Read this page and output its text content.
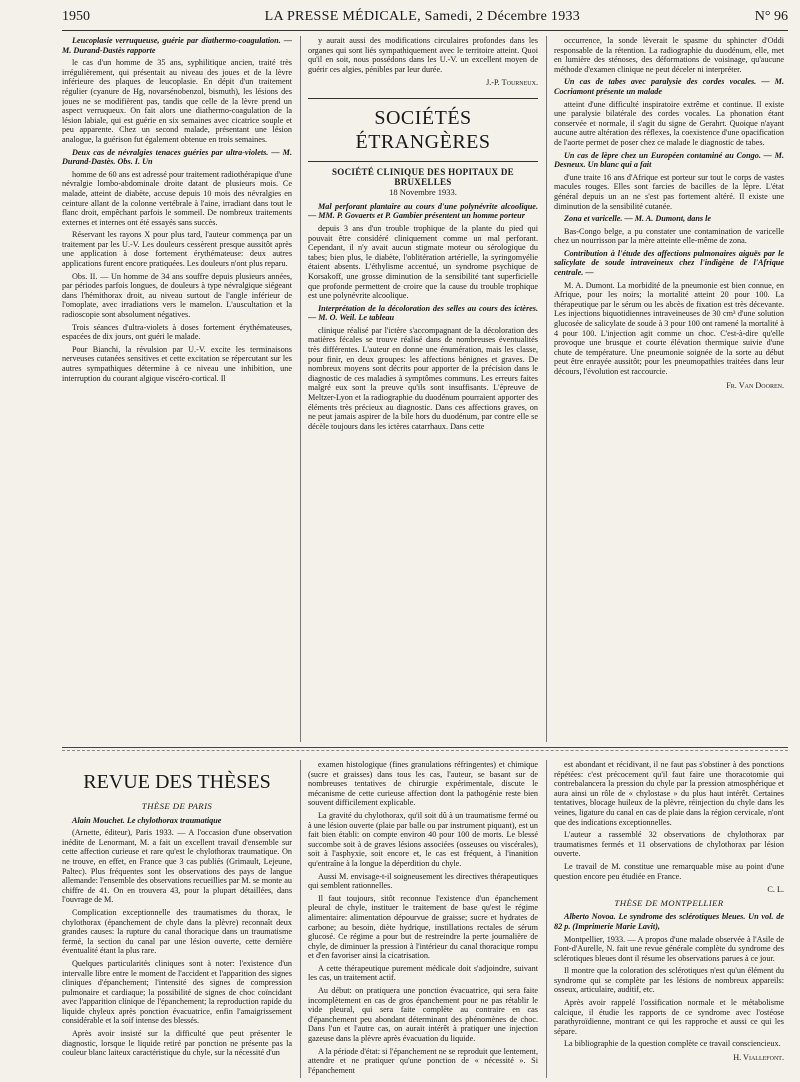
1950	LA PRESSE MÉDICALE, Samedi, 2 Décembre 1933	N° 96

Leucoplasie verruqueuse, guérie par diathermo-coagulation. — M. Durand-Dastès rapporte

le cas d'un homme de 35 ans, syphilitique ancien, traité très irrégulièrement, qui présentait au niveau des joues et de la lèvre inférieure des plaques de leucoplasie. En dépit d'un traitement régulier (cyanure de Hg, novarsénobenzol, bismuth), les lésions des joues ne se modifièrent pas, tandis que celle de la lèvre prend un aspect verruqueux. On fait alors une diathermo-coagulation de la lésion labiale, qui est guérie en six semaines avec cicatrice souple et peu apparente. Chez un second malade, présentant une lésion analogue, la guérison fut également obtenue en trois semaines.

Deux cas de névralgies tenaces guéries par ultra-violets. — M. Durand-Dastès. Obs. I. Un

homme de 60 ans est adressé pour traitement radiothérapique d'une névralgie lombo-abdominale droite datant de plusieurs mois. Ce malade, atteint de diabète, accuse depuis 10 mois des névralgies en ceinture allant de la colonne vertébrale à l'aine, irradiant dans tout le flanc droit, empêchant parfois le sommeil. De nombreux traitements externes et internes ont été essayés sans succès.

Réservant les rayons X pour plus tard, l'auteur commença par un traitement par les U.-V. Les douleurs cessèrent presque aussitôt après une application à dose fortement érythémateuse: deux autres applications furent encore pratiquées. Les douleurs n'ont plus reparu.

Obs. II. — Un homme de 34 ans souffre depuis plusieurs années, par périodes parfois longues, de douleurs à type névralgique siégeant dans l'hémithorax droit, au niveau surtout de l'angle inférieur de l'omoplate, avec irradiations vers le mamelon. L'auscultation et la radioscopie sont absolument négatives.

Trois séances d'ultra-violets à doses fortement érythémateuses, espacées de dix jours, ont guéri le malade.

Pour Bianchi, la révulsion par U.-V. excite les terminaisons nerveuses cutanées sensitives et cette excitation se répercutant sur les autres sympathiques détermine à ce niveau une inhibition, une interruption du courant algique viscéro-cortical. Il

y aurait aussi des modifications circulaires profondes dans les organes qui sont liés sympathiquement avec le territoire atteint. Quoi qu'il en soit, nous possédons dans les U.-V. un excellent moyen de guérir ces algies, pénibles par leur durée.

J.-P. Tourneux.

SOCIÉTÉS ÉTRANGÈRES
SOCIÉTÉ CLINIQUE DES HOPITAUX DE BRUXELLES
18 Novembre 1933.

Mal perforant plantaire au cours d'une polynévrite alcoolique. — MM. P. Govaerts et P. Gambier présentent un homme porteur

depuis 3 ans d'un trouble trophique de la plante du pied qui pouvait être considéré cliniquement comme un mal perforant. Cependant, il n'y avait aucun stigmate moteur ou sérologique du tabes; bien plus, le diabète, l'oblitération artérielle, la syringomyélie étaient absents. L'éthylisme accentué, un syndrome psychique de Korsakoff, une grosse diminution de la sensibilité tant superficielle que profonde permettent de croire que la cause du trouble trophique est une polynévrite alcoolique.

Interprétation de la décoloration des selles au cours des ictères. — M. O. Weil. Le tableau

clinique réalisé par l'ictère s'accompagnant de la décoloration des matières fécales se trouve réalisé dans de nombreuses éventualités très différentes. L'auteur en donne une énumération, mais les classe, pour finir, en deux groupes: les affections bénignes et graves. De nombreux moyens sont décrits pour apporter de la précision dans le diagnostic de ces maladies à symptômes communs. Les erreurs faites malgré eux sont la preuve qu'ils sont insuffisants. L'épreuve de Meltzer-Lyon et la radiographie du duodénum pourraient apporter des éléments très précieux au diagnostic. Dans ces affections graves, on ne peut jamais aspirer de la bile hors du duodénum, par contre elle se décèle toujours dans les ictères catarrhaux. Dans cette

occurrence, la sonde lèverait le spasme du sphincter d'Oddi responsable de la rétention. La radiographie du duodénum, elle, met en lumière des sténoses, des déformations de voisinage, qu'aucune méthode d'examen clinique ne peut déceler ni interpréter.

Un cas de tabes avec paralysie des cordes vocales. — M. Cocriamont présente un malade

atteint d'une difficulté inspiratoire extrême et continue. Il existe une paralysie bilatérale des cordes vocales. La phonation étant conservée et normale, il s'agit du signe de Gerahrt. Quoique n'ayant aucune autre altération des réflexes, la coexistence d'une opacification de l'aorte permet de poser chez ce malade le diagnostic de tabes.

Un cas de lèpre chez un Européen contaminé au Congo. — M. Desneux. Un blanc qui a fait

d'une traite 16 ans d'Afrique est porteur sur tout le corps de vastes macules rouges. Elles sont farcies de bacilles de la lèpre. L'état général depuis un an ne s'est pas fortement altéré. Il existe une diminution de la sensibilité cutanée.

Zona et varicelle. — M. A. Dumont, dans le

Bas-Congo belge, a pu constater une contamination de varicelle chez un nourrisson par la mère atteinte elle-même de zona.

Contribution à l'étude des affections pulmonaires aiguës par le salicylate de soude intraveineux chez l'indigène de l'Afrique centrale. —

M. A. Dumont. La morbidité de la pneumonie est bien connue, en Afrique, pour les noirs; la mortalité atteint 20 pour 100. La thérapeutique par le sérum ou les abcès de fixation est très décevante. Les injections biquotidiennes intraveineuses de 30 cm³ d'une solution glucosée de salicylate de soude à 3 pour 100 ont ramené la mortalité à 4 pour 100. L'injection agit comme un choc. C'est-à-dire qu'elle provoque une brusque et courte élévation thermique suivie d'une chute de température. Une pneumonie soignée de la sorte au début peut être enrayée aussitôt; pour les pneumopathies traitées dans leur décours, l'évolution est raccourcie.

Fr. Van Dooren.

REVUE DES THÈSES
THÈSE DE PARIS

Alain Mouchet. Le chylothorax traumatique

(Arnette, éditeur), Paris 1933. — A l'occasion d'une observation inédite de Lenormant, M. a fait un excellent travail d'ensemble sur cette affection curieuse et rare qu'est le chylothorax traumatique. On ne trouve, en effet, en France que 3 cas publiés (Grimault, Lejeune, Paltec). Plus fréquentes sont les observations des pays de langue allemande: l'ensemble des observations recueillies par M. se monte au chiffre de 41. On en trouvera 43, pour la plupart détaillées, dans l'ouvrage de M.

Complication exceptionnelle des traumatismes du thorax, le chylothorax (épanchement de chyle dans la plèvre) reconnaît deux grandes causes: la rupture du canal thoracique dans un traumatisme fermé, la section du canal par une lésion ouverte, cette dernière éventualité étant la plus rare.

Quelques particularités cliniques sont à noter: l'existence d'un intervalle libre entre le moment de l'accident et l'apparition des signes cliniques d'épanchement; l'intensité des signes de compression pulmonaire et cardiaque; la possibilité de signes de choc coïncidant avec l'apparition clinique de l'épanchement; la reproduction rapide du liquide chyleux après ponction évacuatrice, enfin l'amaigrissement considérable et la soif intense des blessés.

Après avoir insisté sur la difficulté que peut présenter le diagnostic, lorsque le liquide retiré par ponction ne présente pas la couleur blanc laiteux caractéristique du chyle, sur la nécessité d'un

examen histologique (fines granulations réfringentes) et chimique (sucre et graisses) dans tous les cas, l'auteur, se basant sur de nombreuses tentatives de chirurgie expérimentale, discute le mécanisme de cette curieuse affection dont la pathogénie reste bien souvent difficilement explicable.

La gravité du chylothorax, qu'il soit dû à un traumatisme fermé ou à une lésion ouverte (plaie par balle ou par instrument piquant), est un fait bien établi: on compte environ 40 pour 100 de morts. Le blessé succombe soit à de graves lésions associées (osseuses ou viscérales), soit à l'asphyxie, soit encore et, le cas est fréquent, à l'inanition qu'entraîne à la longue la déperdition du chyle.

Aussi M. envisage-t-il soigneusement les directives thérapeutiques qui semblent rationnelles.

Il faut toujours, sitôt reconnue l'existence d'un épanchement pleural de chyle, instituer le traitement de base qu'est le régime alimentaire: alimentation dépourvue de graisse; sucre et hydrates de carbone; au besoin, diète hydrique, instillations rectales de sérum glucosé. Ce régime a pour but de restreindre la perte journalière de chyle, de diminuer la pression à l'intérieur du canal thoracique rompu et d'en favoriser ainsi la cicatrisation.

A cette thérapeutique purement médicale doit s'adjoindre, suivant les cas, un traitement actif.

Au début: on pratiquera une ponction évacuatrice, qui sera faite incomplètement en cas de gros épanchement pour ne pas rétablir le vide pleural, qui sera faite complète au contraire en cas d'épanchement peu abondant déterminant des phénomènes de choc. Dans l'un et l'autre cas, on aurait intérêt à pratiquer une injection gazeuse dans la plèvre après évacuation du liquide.

A la période d'état: si l'épanchement ne se reproduit que lentement, attendre et ne pratiquer qu'une ponction de « nécessité ». Si l'épanchement

est abondant et récidivant, il ne faut pas s'obstiner à des ponctions répétées: c'est précocement qu'il faut faire une thoracotomie qui contrebalancera la pression du chyle par la pression atmosphérique et aura ainsi un rôle de « chylostase » du plus haut intérêt. Certaines tentatives, blocage huileux de la plèvre, réinjection du chyle dans les veines, ligature du canal en cas de plaie dans la région cervicale, n'ont que des indications exceptionnelles.

L'auteur a rassemblé 32 observations de chylothorax par traumatismes fermés et 11 observations de chylothorax par lésion ouverte.

Le travail de M. constitue une remarquable mise au point d'une question encore peu étudiée en France.

C. L.

THÈSE DE MONTPELLIER

Alberto Novoa. Le syndrome des sclérotiques bleues. Un vol. de 82 p. (Imprimerie Marie Lavit),

Montpellier, 1933. — A propos d'une malade observée à l'Asile de Font-d'Aurelle, N. fait une revue générale complète du syndrome des sclérotiques bleues dont il résume les observations parues à ce jour.

Il montre que la coloration des sclérotiques n'est qu'un élément du syndrome qui se complète par les lésions de nombreux appareils: osseux, articulaire, auditif, etc.

Après avoir rappelé l'ossification normale et le métabolisme calcique, il étudie les rapports de ce syndrome avec l'ostéose parathyroïdienne, montrant ce qui les rapproche et aussi ce qui les sépare.

La bibliographie de la question complète ce travail consciencieux.

H. Viallefont.
